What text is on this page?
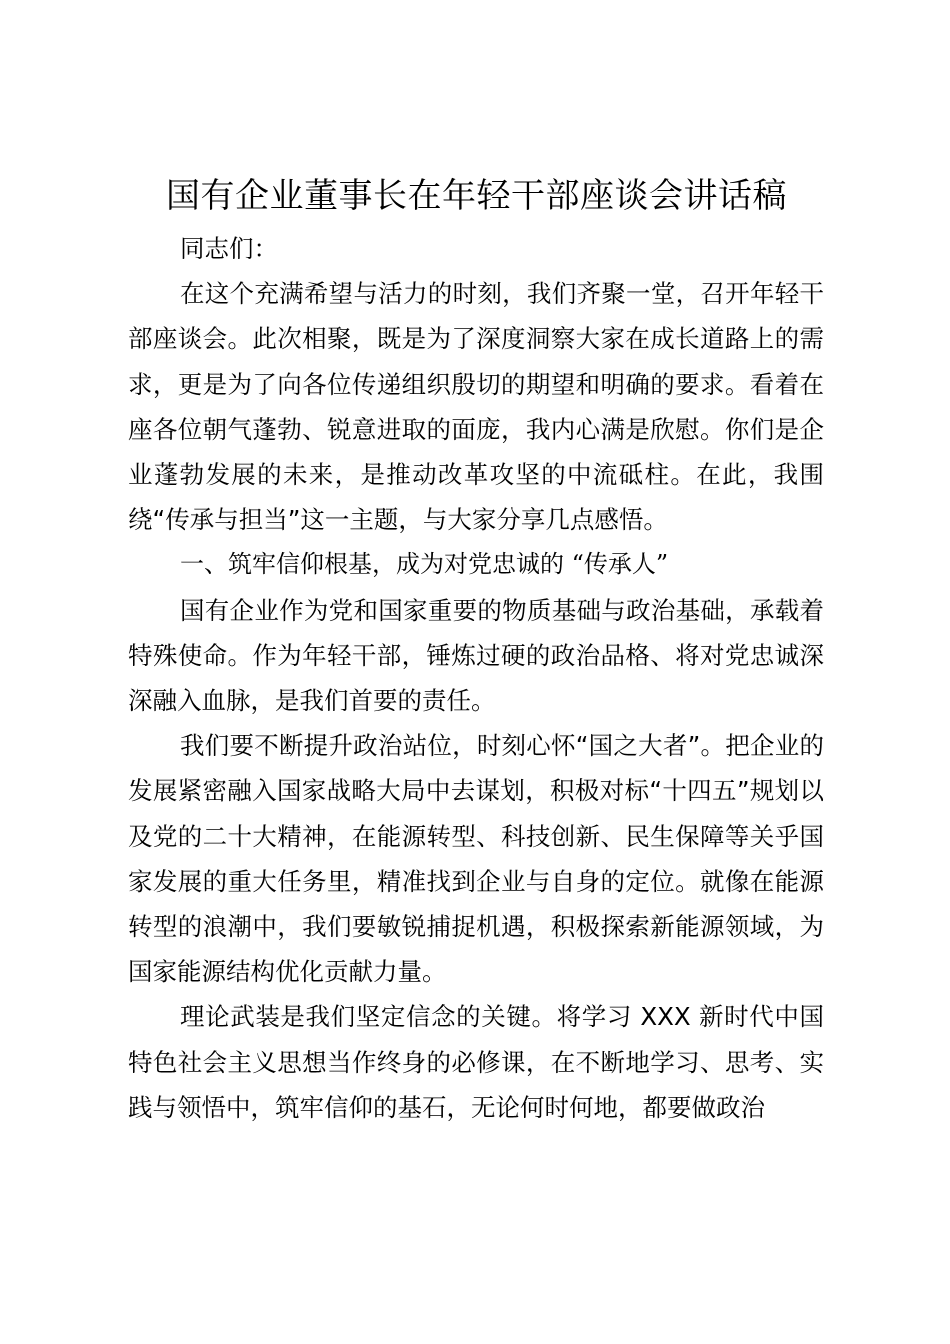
国有企业董事长在年轻干部座谈会讲话稿

同志们：

在这个充满希望与活力的时刻，我们齐聚一堂，召开年轻干部座谈会。此次相聚，既是为了深度洞察大家在成长道路上的需求，更是为了向各位传递组织殷切的期望和明确的要求。看着在座各位朝气蓬勃、锐意进取的面庞，我内心满是欣慰。你们是企业蓬勃发展的未来，是推动改革攻坚的中流砥柱。在此，我围绕“传承与担当”这一主题，与大家分享几点感悟。

一、筑牢信仰根基，成为对党忠诚的 “传承人”

国有企业作为党和国家重要的物质基础与政治基础，承载着特殊使命。作为年轻干部，锤炼过硬的政治品格、将对党忠诚深深融入血脉，是我们首要的责任。

我们要不断提升政治站位，时刻心怀“国之大者”。把企业的发展紧密融入国家战略大局中去谋划，积极对标“十四五”规划以及党的二十大精神，在能源转型、科技创新、民生保障等关乎国家发展的重大任务里，精准找到企业与自身的定位。就像在能源转型的浪潮中，我们要敏锐捕捉机遇，积极探索新能源领域，为国家能源结构优化贡献力量。

理论武装是我们坚定信念的关键。将学习 XXX 新时代中国特色社会主义思想当作终身的必修课，在不断地学习、思考、实践与领悟中，筑牢信仰的基石，无论何时何地，都要做政治
